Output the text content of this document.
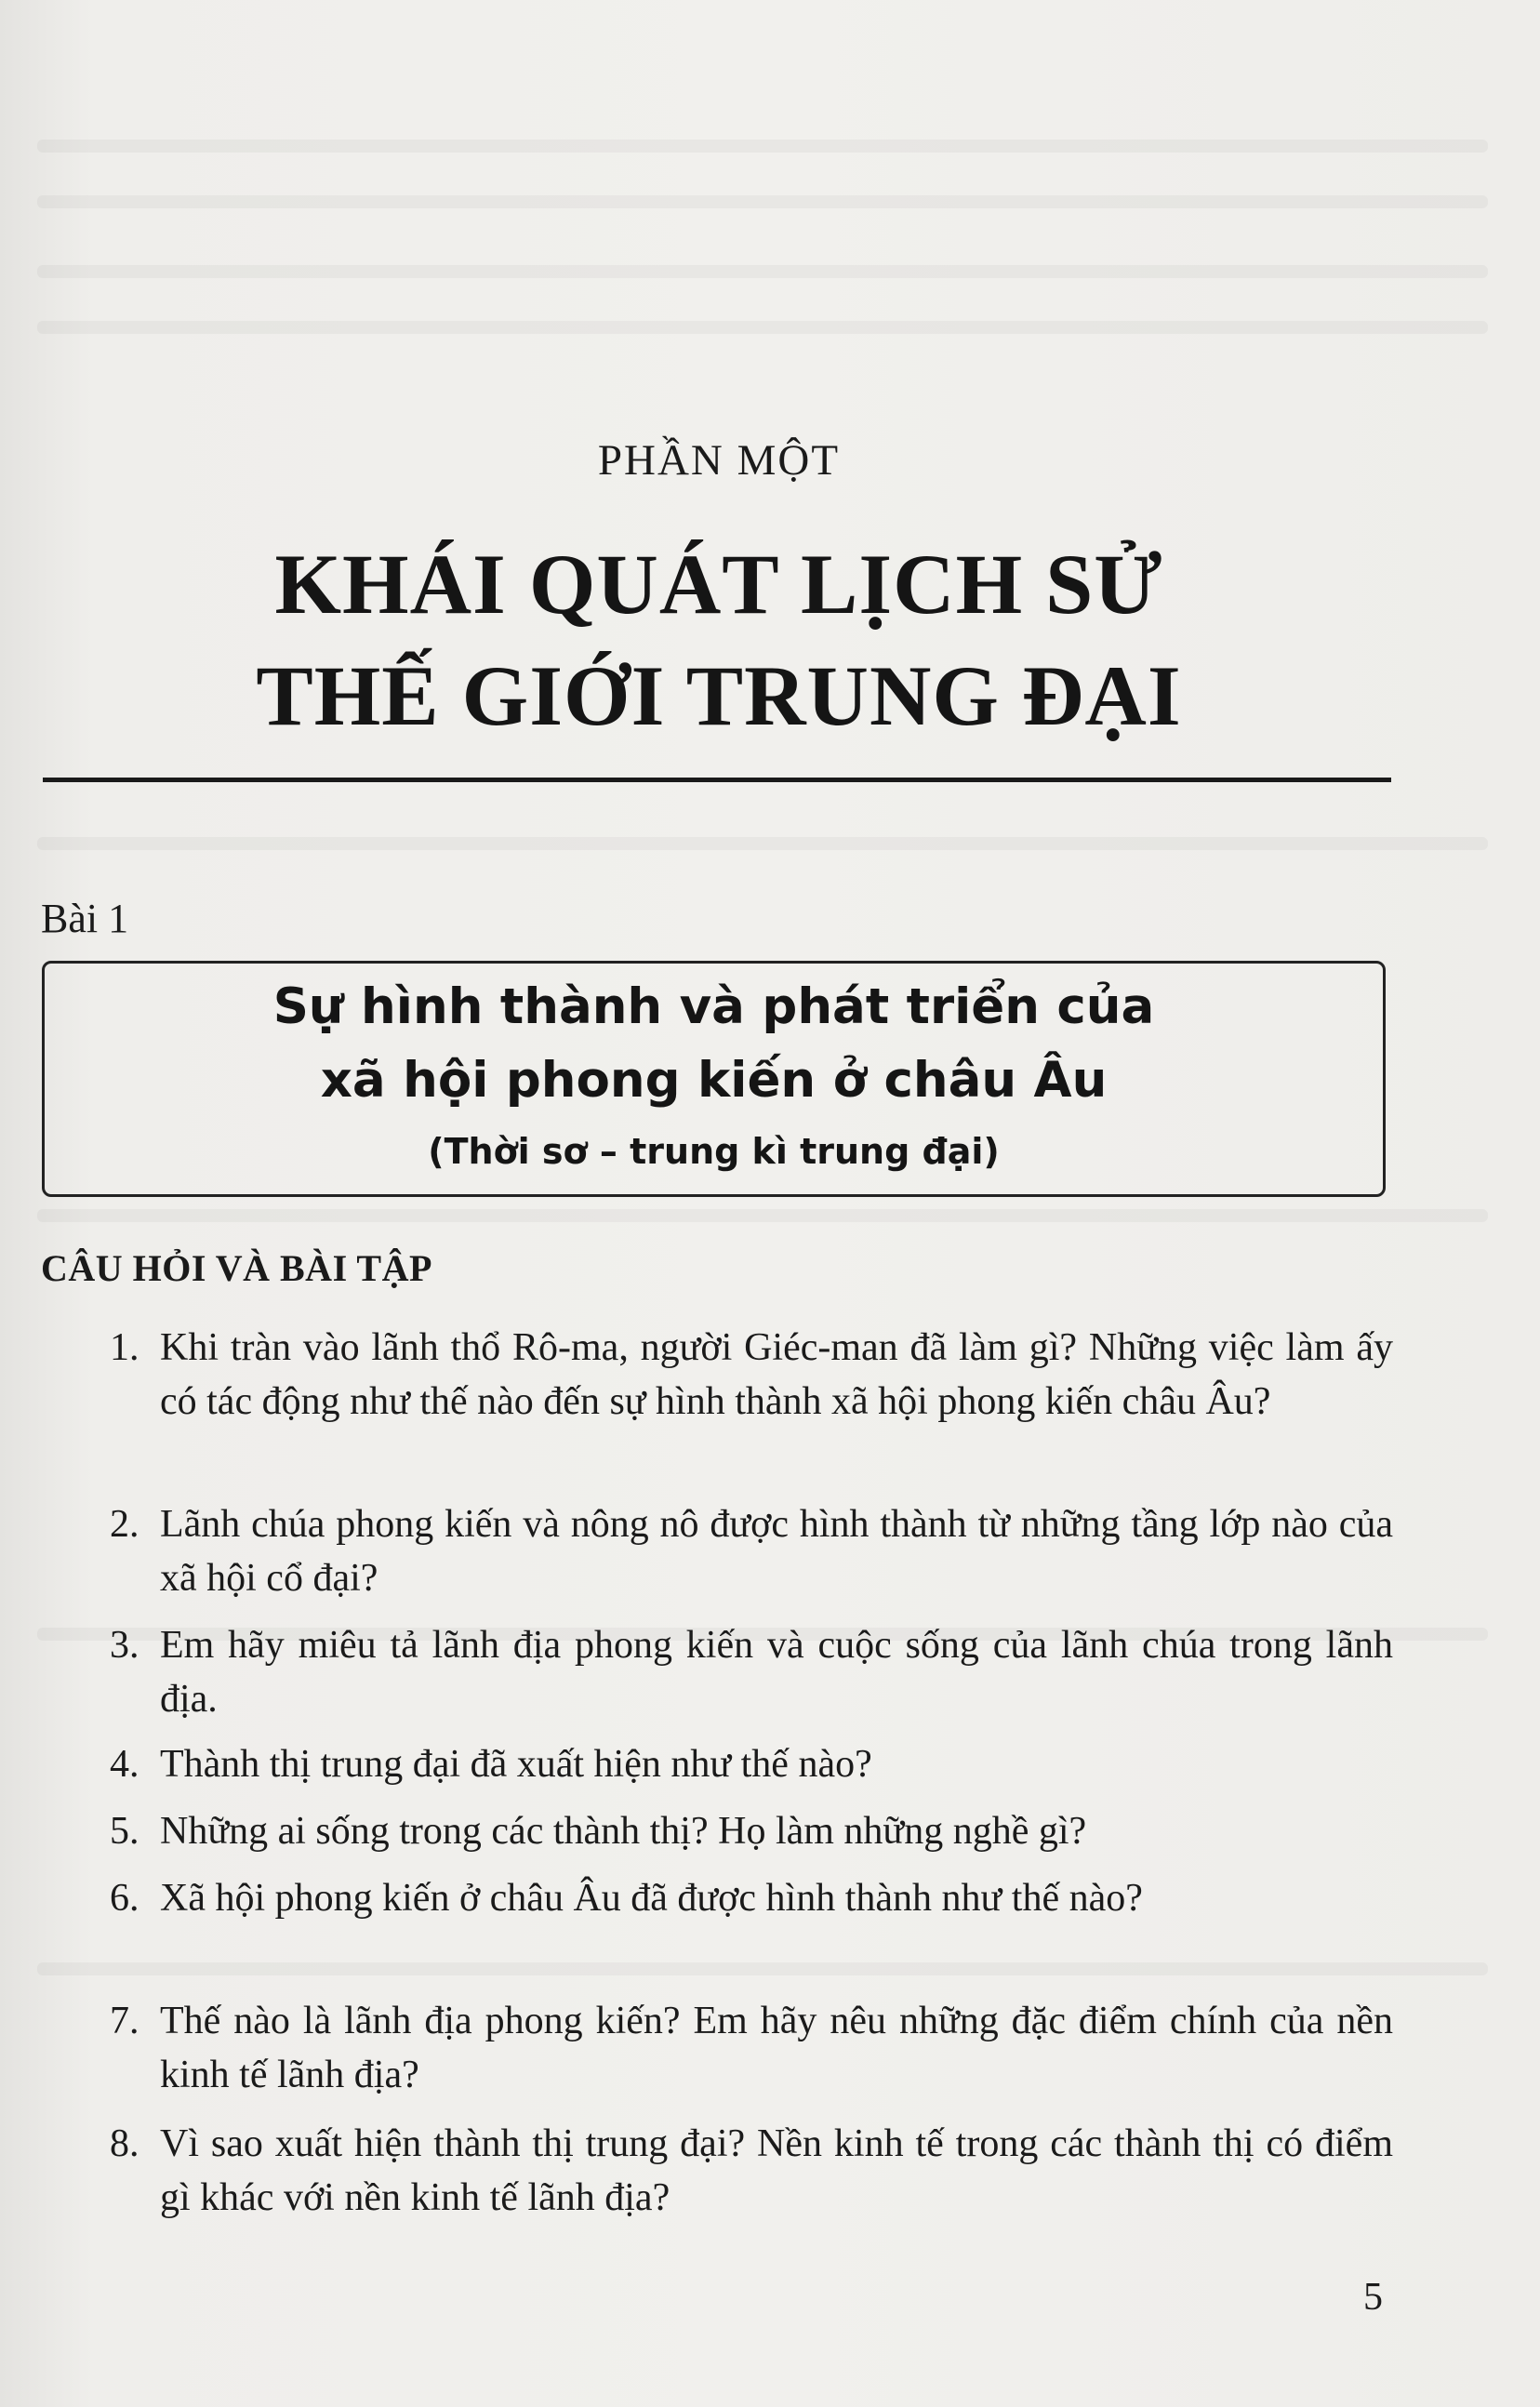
PHẦN MỘT
KHÁI QUÁT LỊCH SỬ
THẾ GIỚI TRUNG ĐẠI
Bài 1
Sự hình thành và phát triển của
xã hội phong kiến ở châu Âu
(Thời sơ – trung kì trung đại)
CÂU HỎI VÀ BÀI TẬP
1. Khi tràn vào lãnh thổ Rô-ma, người Giéc-man đã làm gì? Những việc làm ấy có tác động như thế nào đến sự hình thành xã hội phong kiến châu Âu?
2. Lãnh chúa phong kiến và nông nô được hình thành từ những tầng lớp nào của xã hội cổ đại?
3. Em hãy miêu tả lãnh địa phong kiến và cuộc sống của lãnh chúa trong lãnh địa.
4. Thành thị trung đại đã xuất hiện như thế nào?
5. Những ai sống trong các thành thị? Họ làm những nghề gì?
6. Xã hội phong kiến ở châu Âu đã được hình thành như thế nào?
7. Thế nào là lãnh địa phong kiến? Em hãy nêu những đặc điểm chính của nền kinh tế lãnh địa?
8. Vì sao xuất hiện thành thị trung đại? Nền kinh tế trong các thành thị có điểm gì khác với nền kinh tế lãnh địa?
5
